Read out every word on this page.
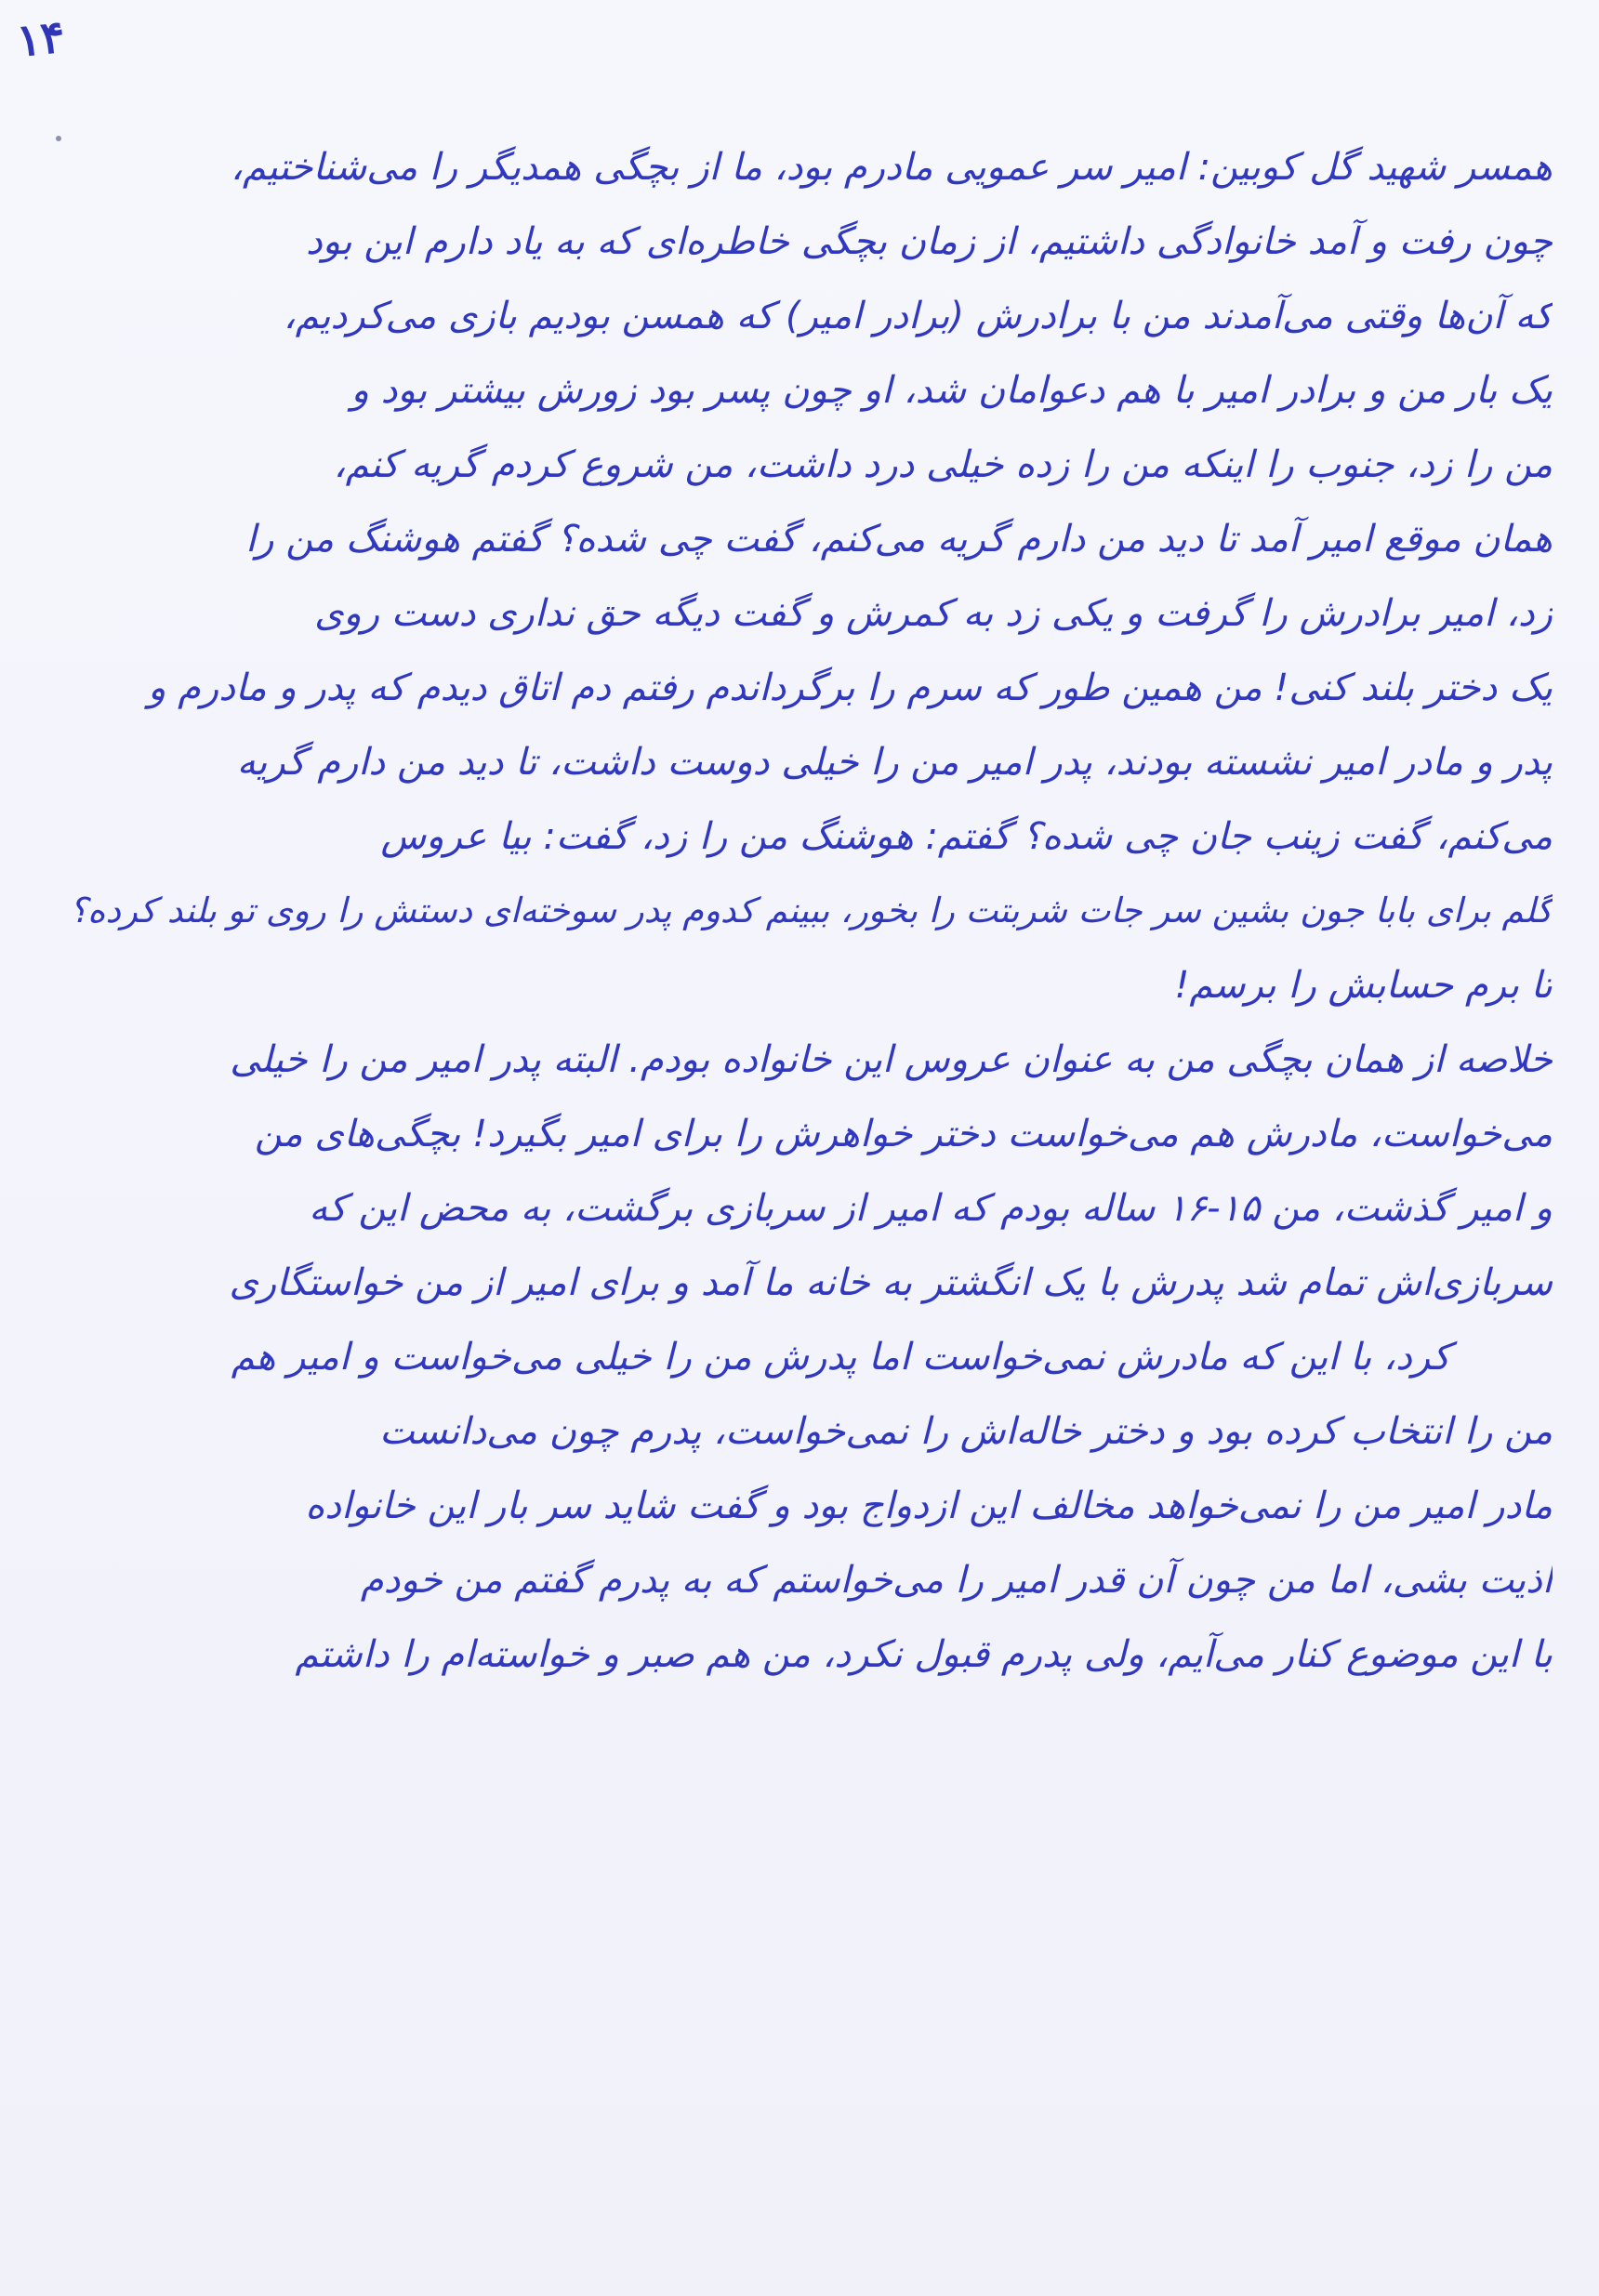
۱۴
همسر شهید گل کوبین: امیر سر عمویی مادرم بود، ما از بچگی همدیگر را می‌شناختیم،
چون رفت و آمد خانوادگی داشتیم، از زمان بچگی خاطره‌ای که به یاد دارم این بود
که آن‌ها وقتی می‌آمدند من با برادرش (برادر امیر) که همسن بودیم بازی می‌کردیم،
یک بار من و برادر امیر با هم دعوامان شد، او چون پسر بود زورش بیشتر بود و
من را زد، جنوب را اینکه من را زده خیلی درد داشت، من شروع کردم گریه کنم،
همان موقع امیر آمد تا دید من دارم گریه می‌کنم، گفت چی شده؟ گفتم هوشنگ من را
زد، امیر برادرش را گرفت و یکی زد به کمرش و گفت دیگه حق نداری دست روی
یک دختر بلند کنی! من همین طور که سرم را برگرداندم رفتم دم اتاق دیدم که پدر و مادرم و
پدر و مادر امیر نشسته بودند، پدر امیر من را خیلی دوست داشت، تا دید من دارم گریه
می‌کنم، گفت زینب جان چی شده؟ گفتم: هوشنگ من را زد، گفت: بیا عروس
گلم برای بابا جون بشین سر جات شربتت را بخور، ببینم کدوم پدر سوخته‌ای دستش را روی تو بلند کرده؟
تا برم حسابش را برسم!
خلاصه از همان بچگی من به عنوان عروس این خانواده بودم. البته پدر امیر من را خیلی
می‌خواست، مادرش هم می‌خواست دختر خواهرش را برای امیر بگیرد! بچگی‌های من
و امیر گذشت، من ۱۵-۱۶ ساله بودم که امیر از سربازی برگشت، به محض این که
سربازی‌اش تمام شد پدرش با یک انگشتر به خانه ما آمد و برای امیر از من خواستگاری
کرد، با این که مادرش نمی‌خواست اما پدرش من را خیلی می‌خواست و امیر هم
من را انتخاب کرده بود و دختر خاله‌اش را نمی‌خواست، پدرم چون می‌دانست
مادر امیر من را نمی‌خواهد مخالف این ازدواج بود و گفت شاید سر بار این خانواده
اذیت بشی، اما من چون آن قدر امیر را می‌خواستم که به پدرم گفتم من خودم
با این موضوع کنار می‌آیم، ولی پدرم قبول نکرد، من هم صبر و خواسته‌ام را داشتم
